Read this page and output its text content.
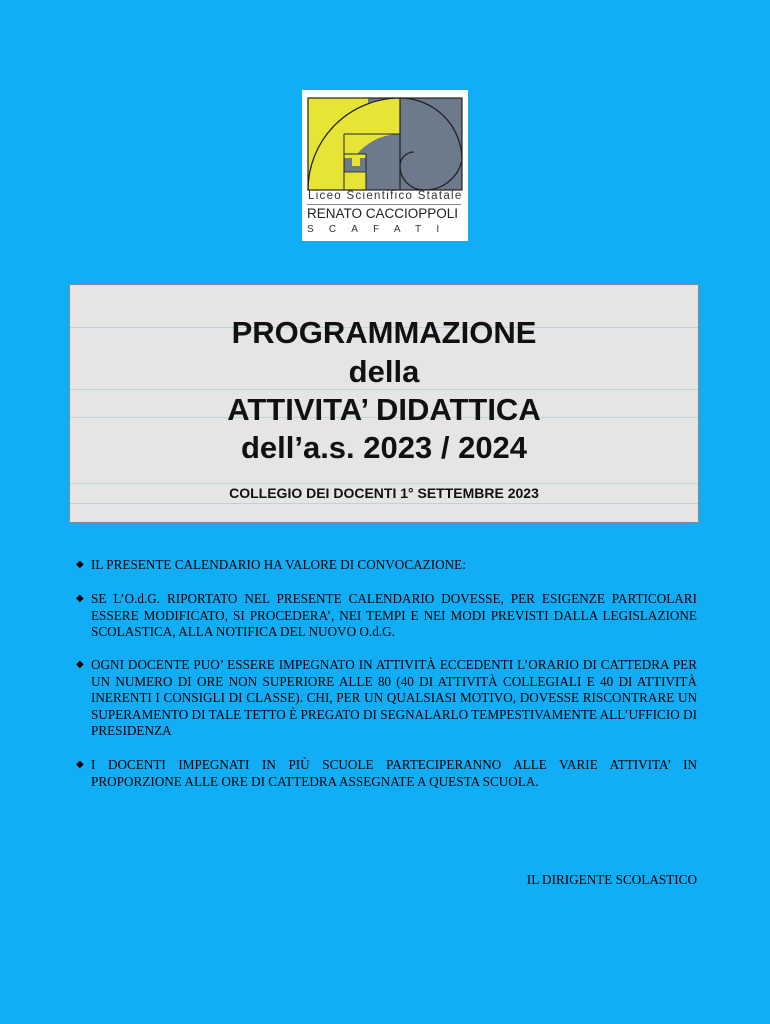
Liceo Scientifico Statale
RENATO CACCIOPPOLI
SCAFATI
PROGRAMMAZIONE
della
ATTIVITA’ DIDATTICA
dell’a.s. 2023 / 2024
COLLEGIO DEI DOCENTI 1° SETTEMBRE 2023
◆ IL PRESENTE CALENDARIO HA VALORE DI CONVOCAZIONE:
◆ SE L’O.d.G. RIPORTATO NEL PRESENTE CALENDARIO DOVESSE, PER ESIGENZE PARTICOLARI ESSERE MODIFICATO, SI PROCEDERA’, NEI TEMPI E NEI MODI PREVISTI DALLA LEGISLAZIONE SCOLASTICA, ALLA NOTIFICA DEL NUOVO O.d.G.
◆ OGNI DOCENTE PUO’ ESSERE IMPEGNATO IN ATTIVITÀ ECCEDENTI L’ORARIO DI CATTEDRA PER UN NUMERO DI ORE NON SUPERIORE ALLE 80 (40 DI ATTIVITÀ COLLEGIALI E 40 DI ATTIVITÀ INERENTI I CONSIGLI DI CLASSE). CHI, PER UN QUALSIASI MOTIVO, DOVESSE RISCONTRARE UN SUPERAMENTO DI TALE TETTO È PREGATO DI SEGNALARLO TEMPESTIVAMENTE ALL’UFFICIO DI PRESIDENZA
◆ I DOCENTI IMPEGNATI IN PIÙ SCUOLE PARTECIPERANNO ALLE VARIE ATTIVITA’ IN PROPORZIONE ALLE ORE DI CATTEDRA ASSEGNATE A QUESTA SCUOLA.
IL DIRIGENTE SCOLASTICO
